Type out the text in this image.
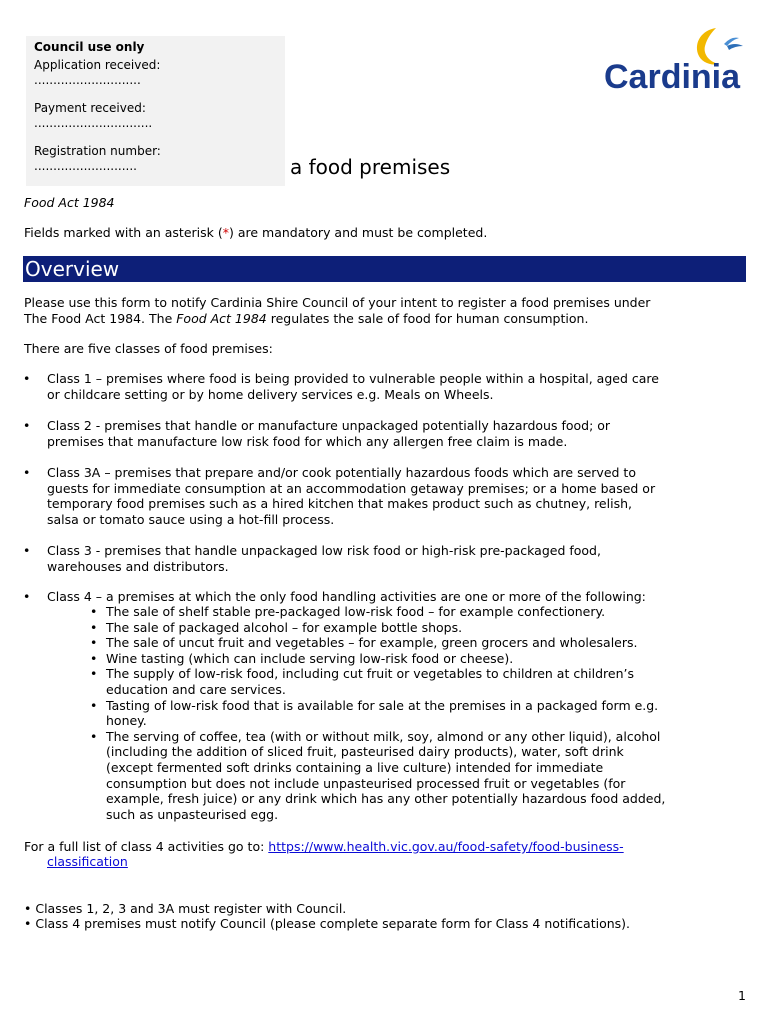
Council use only
Application received:
............................
Payment received:
...............................
Registration number:
...........................	a food premises
Cardinia
Food Act 1984
Fields marked with an asterisk (*) are mandatory and must be completed.
Overview
Please use this form to notify Cardinia Shire Council of your intent to register a food premises under
The Food Act 1984. The Food Act 1984 regulates the sale of food for human consumption.
There are five classes of food premises:
• Class 1 – premises where food is being provided to vulnerable people within a hospital, aged care
or childcare setting or by home delivery services e.g. Meals on Wheels.
• Class 2 - premises that handle or manufacture unpackaged potentially hazardous food; or
premises that manufacture low risk food for which any allergen free claim is made.
• Class 3A – premises that prepare and/or cook potentially hazardous foods which are served to
guests for immediate consumption at an accommodation getaway premises; or a home based or
temporary food premises such as a hired kitchen that makes product such as chutney, relish,
salsa or tomato sauce using a hot-fill process.
• Class 3 - premises that handle unpackaged low risk food or high-risk pre-packaged food,
warehouses and distributors.
• Class 4 – a premises at which the only food handling activities are one or more of the following:
• The sale of shelf stable pre-packaged low-risk food – for example confectionery.
• The sale of packaged alcohol – for example bottle shops.
• The sale of uncut fruit and vegetables – for example, green grocers and wholesalers.
• Wine tasting (which can include serving low-risk food or cheese).
• The supply of low-risk food, including cut fruit or vegetables to children at children’s
education and care services.
• Tasting of low-risk food that is available for sale at the premises in a packaged form e.g.
honey.
• The serving of coffee, tea (with or without milk, soy, almond or any other liquid), alcohol
(including the addition of sliced fruit, pasteurised dairy products), water, soft drink
(except fermented soft drinks containing a live culture) intended for immediate
consumption but does not include unpasteurised processed fruit or vegetables (for
example, fresh juice) or any drink which has any other potentially hazardous food added,
such as unpasteurised egg.
For a full list of class 4 activities go to: https://www.health.vic.gov.au/food-safety/food-business-
classification
• Classes 1, 2, 3 and 3A must register with Council.
• Class 4 premises must notify Council (please complete separate form for Class 4 notifications).
1
